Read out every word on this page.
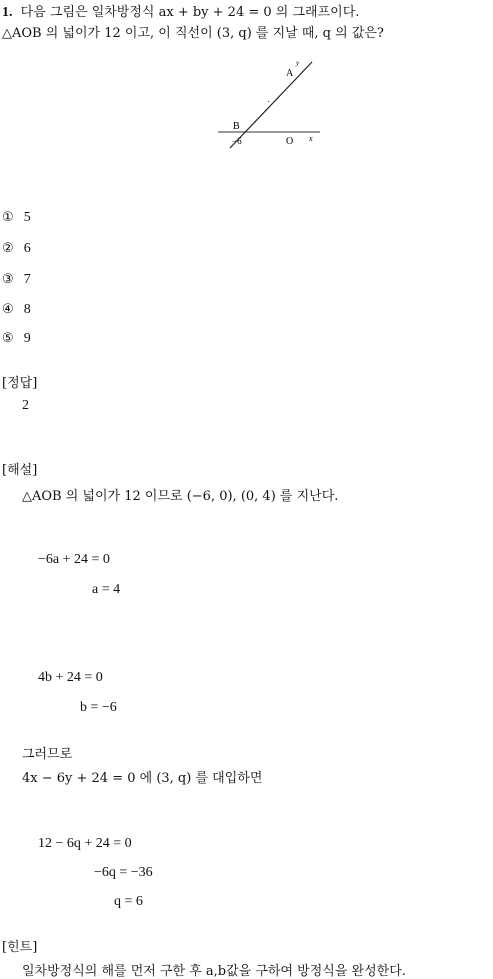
1. 다음 그림은 일차방정식 ax + by + 24 = 0 의 그래프이다.
△AOB 의 넓이가 12 이고, 이 직선이 (3, q) 를 지날 때, q 의 값은?
A
y
B
−6	O x
① 5
② 6
③ 7
④ 8
⑤ 9
[정답]
2
[해설]
△AOB 의 넓이가 12 이므로 (−6, 0), (0, 4) 를 지난다.
−6a + 24 = 0
a = 4
4b + 24 = 0
b = −6
그러므로
4x − 6y + 24 = 0 에 (3, q) 를 대입하면
12 − 6q + 24 = 0
−6q = −36
q = 6
[힌트]
일차방정식의 해를 먼저 구한 후 a,b값을 구하여 방정식을 완성한다.
